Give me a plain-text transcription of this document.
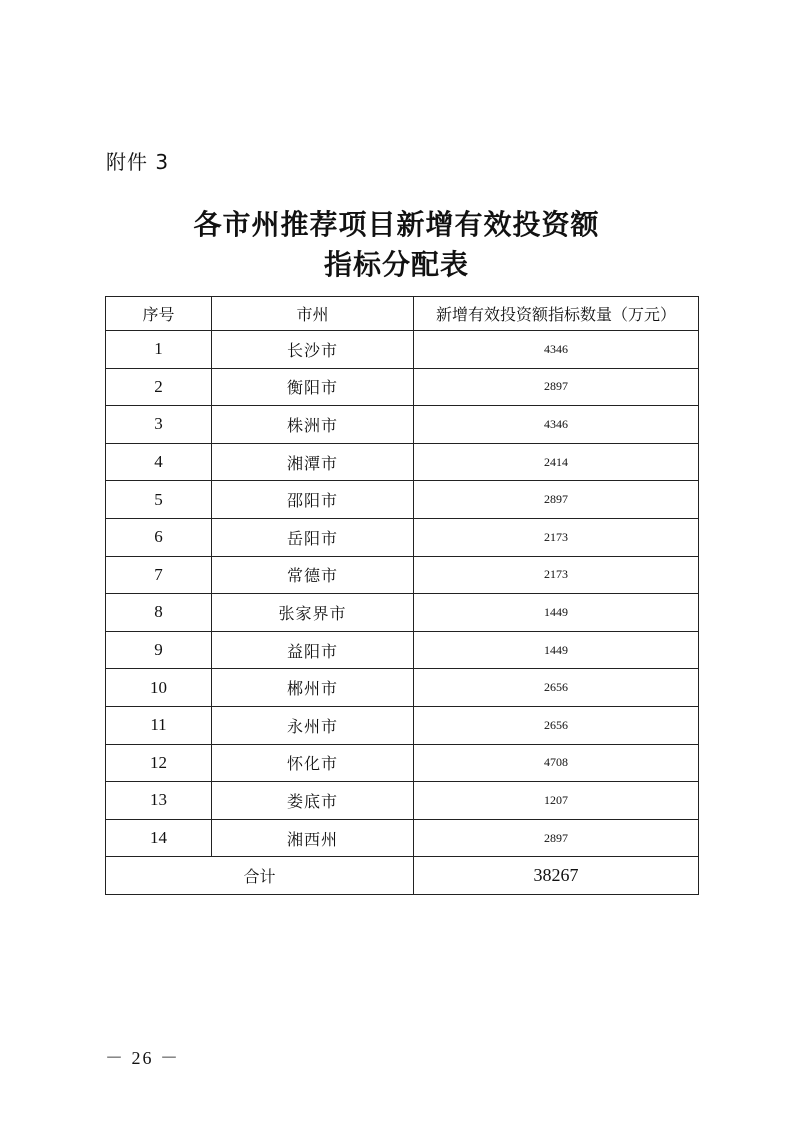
附件 3
各市州推荐项目新增有效投资额
指标分配表
序号	市州	新增有效投资额指标数量（万元）
1	长沙市	4346
2	衡阳市	2897
3	株洲市	4346
4	湘潭市	2414
5	邵阳市	2897
6	岳阳市	2173
7	常德市	2173
8	张家界市	1449
9	益阳市	1449
10	郴州市	2656
11	永州市	2656
12	怀化市	4708
13	娄底市	1207
14	湘西州	2897
合计		38267
－ 26 －
